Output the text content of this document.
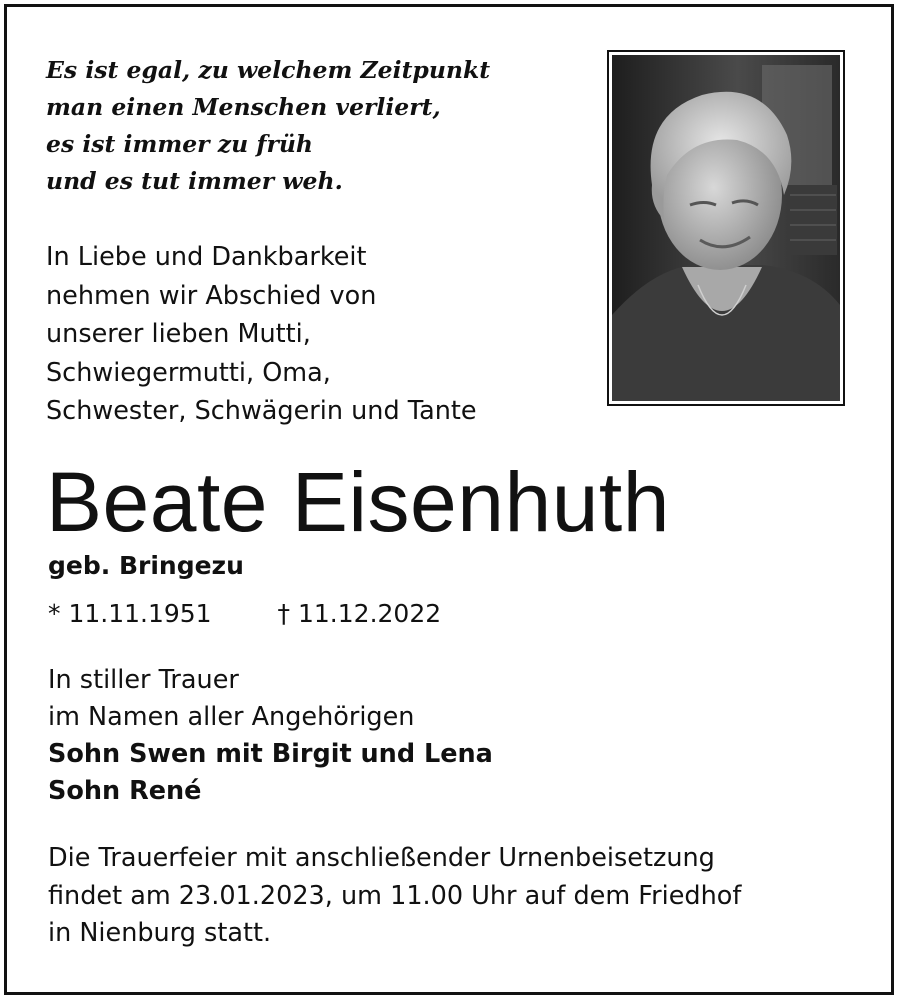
Es ist egal, zu welchem Zeitpunkt
man einen Menschen verliert,
es ist immer zu früh
und es tut immer weh.
In Liebe und Dankbarkeit
nehmen wir Abschied von
unserer lieben Mutti,
Schwiegermutti, Oma,
Schwester, Schwägerin und Tante
Beate Eisenhuth
geb. Bringezu
* 11.11.1951	† 11.12.2022
In stiller Trauer
im Namen aller Angehörigen
Sohn Swen mit Birgit und Lena
Sohn René
Die Trauerfeier mit anschließender Urnenbeisetzung
findet am 23.01.2023, um 11.00 Uhr auf dem Friedhof
in Nienburg statt.
